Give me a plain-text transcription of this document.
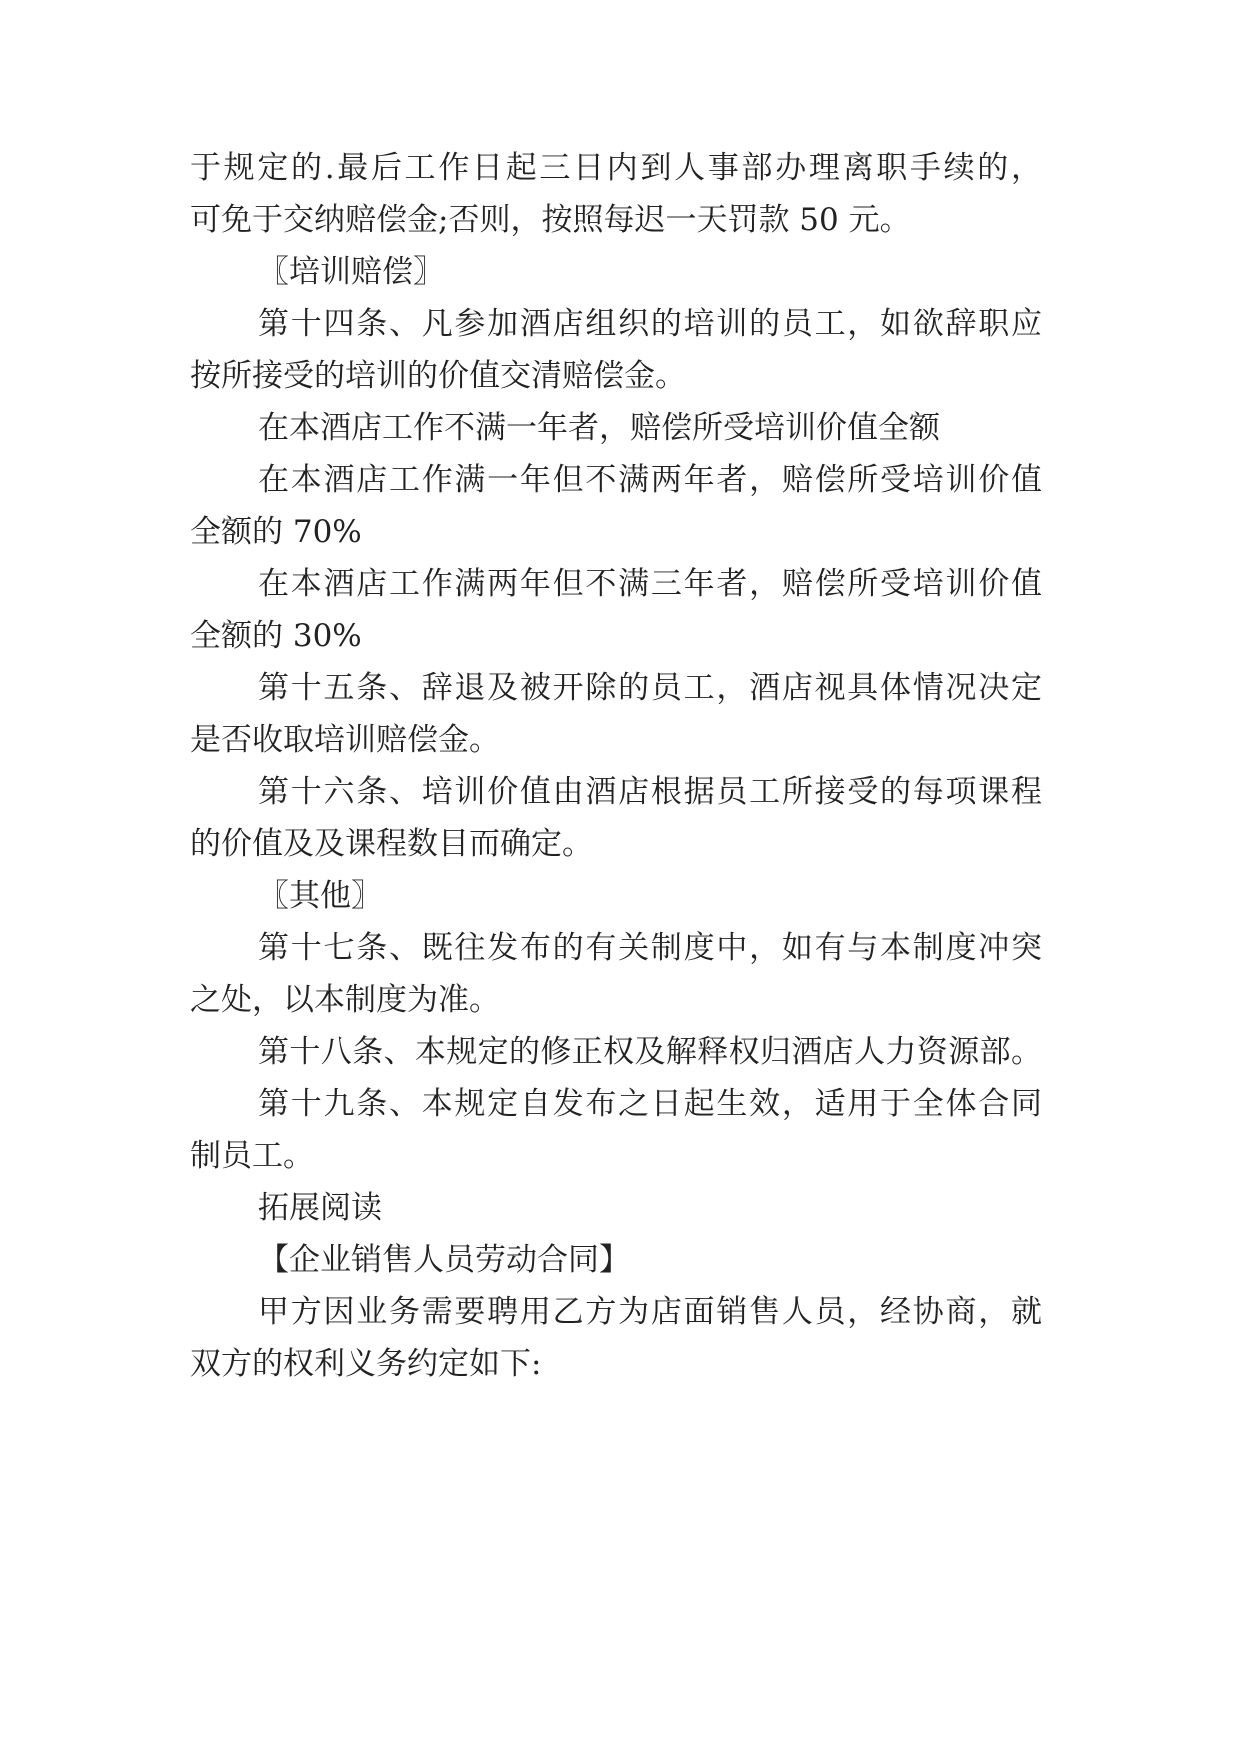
于规定的.最后工作日起三日内到人事部办理离职手续的，

可免于交纳赔偿金;否则，按照每迟一天罚款 50 元。

〖培训赔偿〗

第十四条、凡参加酒店组织的培训的员工，如欲辞职应

按所接受的培训的价值交清赔偿金。

在本酒店工作不满一年者，赔偿所受培训价值全额

在本酒店工作满一年但不满两年者，赔偿所受培训价值

全额的 70%

在本酒店工作满两年但不满三年者，赔偿所受培训价值

全额的 30%

第十五条、辞退及被开除的员工，酒店视具体情况决定

是否收取培训赔偿金。

第十六条、培训价值由酒店根据员工所接受的每项课程

的价值及及课程数目而确定。

〖其他〗

第十七条、既往发布的有关制度中，如有与本制度冲突

之处，以本制度为准。

第十八条、本规定的修正权及解释权归酒店人力资源部。

第十九条、本规定自发布之日起生效，适用于全体合同

制员工。

拓展阅读

【企业销售人员劳动合同】

甲方因业务需要聘用乙方为店面销售人员，经协商，就

双方的权利义务约定如下:
